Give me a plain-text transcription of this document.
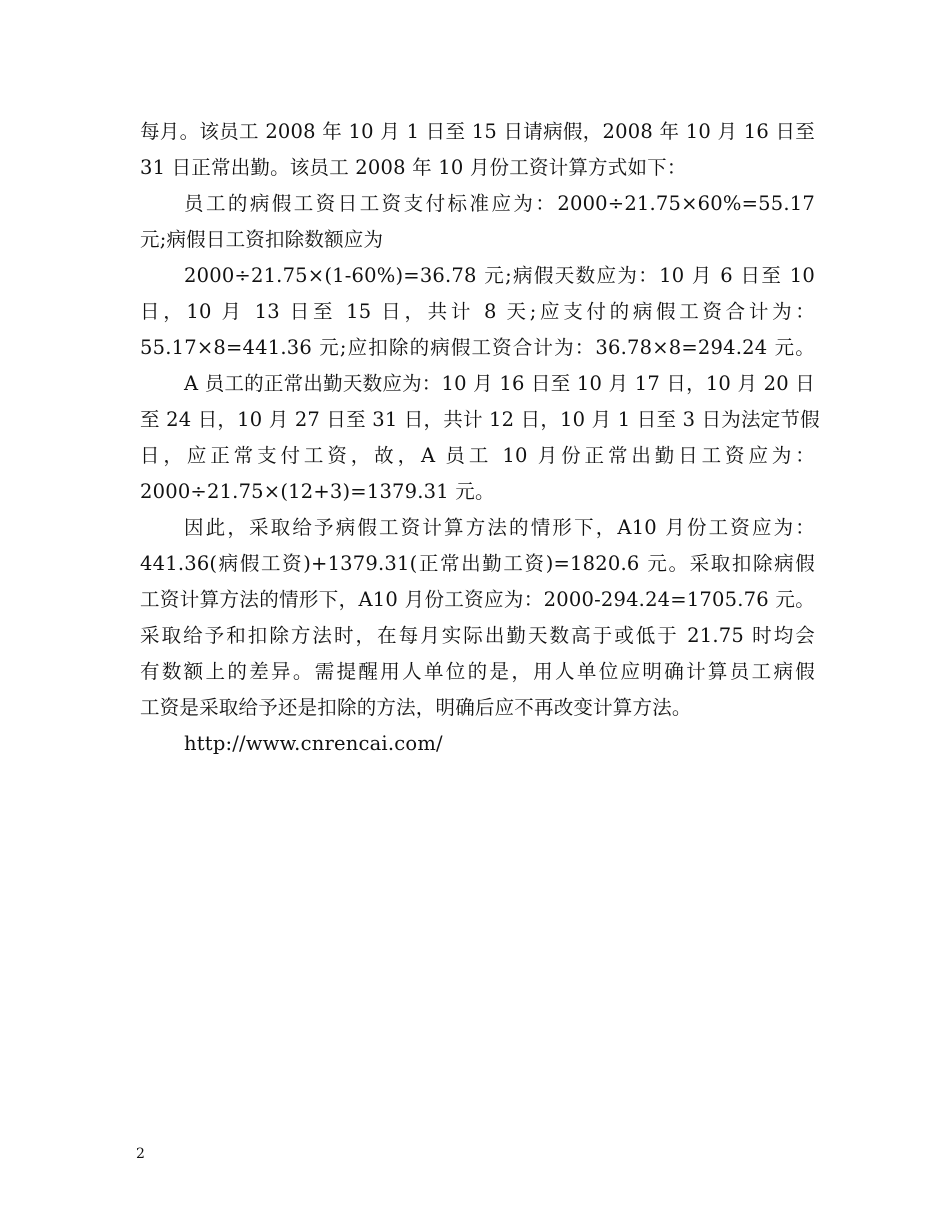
每月。该员工 2008 年 10 月 1 日至 15 日请病假，2008 年 10 月 16 日至
31 日正常出勤。该员工 2008 年 10 月份工资计算方式如下：
员工的病假工资日工资支付标准应为：2000÷21.75×60%=55.17
元;病假日工资扣除数额应为
2000÷21.75×(1-60%)=36.78 元;病假天数应为：10 月 6 日至 10
日，10 月 13 日至 15 日，共计 8 天;应支付的病假工资合计为：
55.17×8=441.36 元;应扣除的病假工资合计为：36.78×8=294.24 元。
A 员工的正常出勤天数应为：10 月 16 日至 10 月 17 日，10 月 20 日
至 24 日，10 月 27 日至 31 日，共计 12 日，10 月 1 日至 3 日为法定节假
日，应正常支付工资，故，A 员工 10 月份正常出勤日工资应为：
2000÷21.75×(12+3)=1379.31 元。
因此，采取给予病假工资计算方法的情形下，A10 月份工资应为：
441.36(病假工资)+1379.31(正常出勤工资)=1820.6 元。采取扣除病假
工资计算方法的情形下，A10 月份工资应为：2000-294.24=1705.76 元。
采取给予和扣除方法时，在每月实际出勤天数高于或低于 21.75 时均会
有数额上的差异。需提醒用人单位的是，用人单位应明确计算员工病假
工资是采取给予还是扣除的方法，明确后应不再改变计算方法。
http://www.cnrencai.com/
2
